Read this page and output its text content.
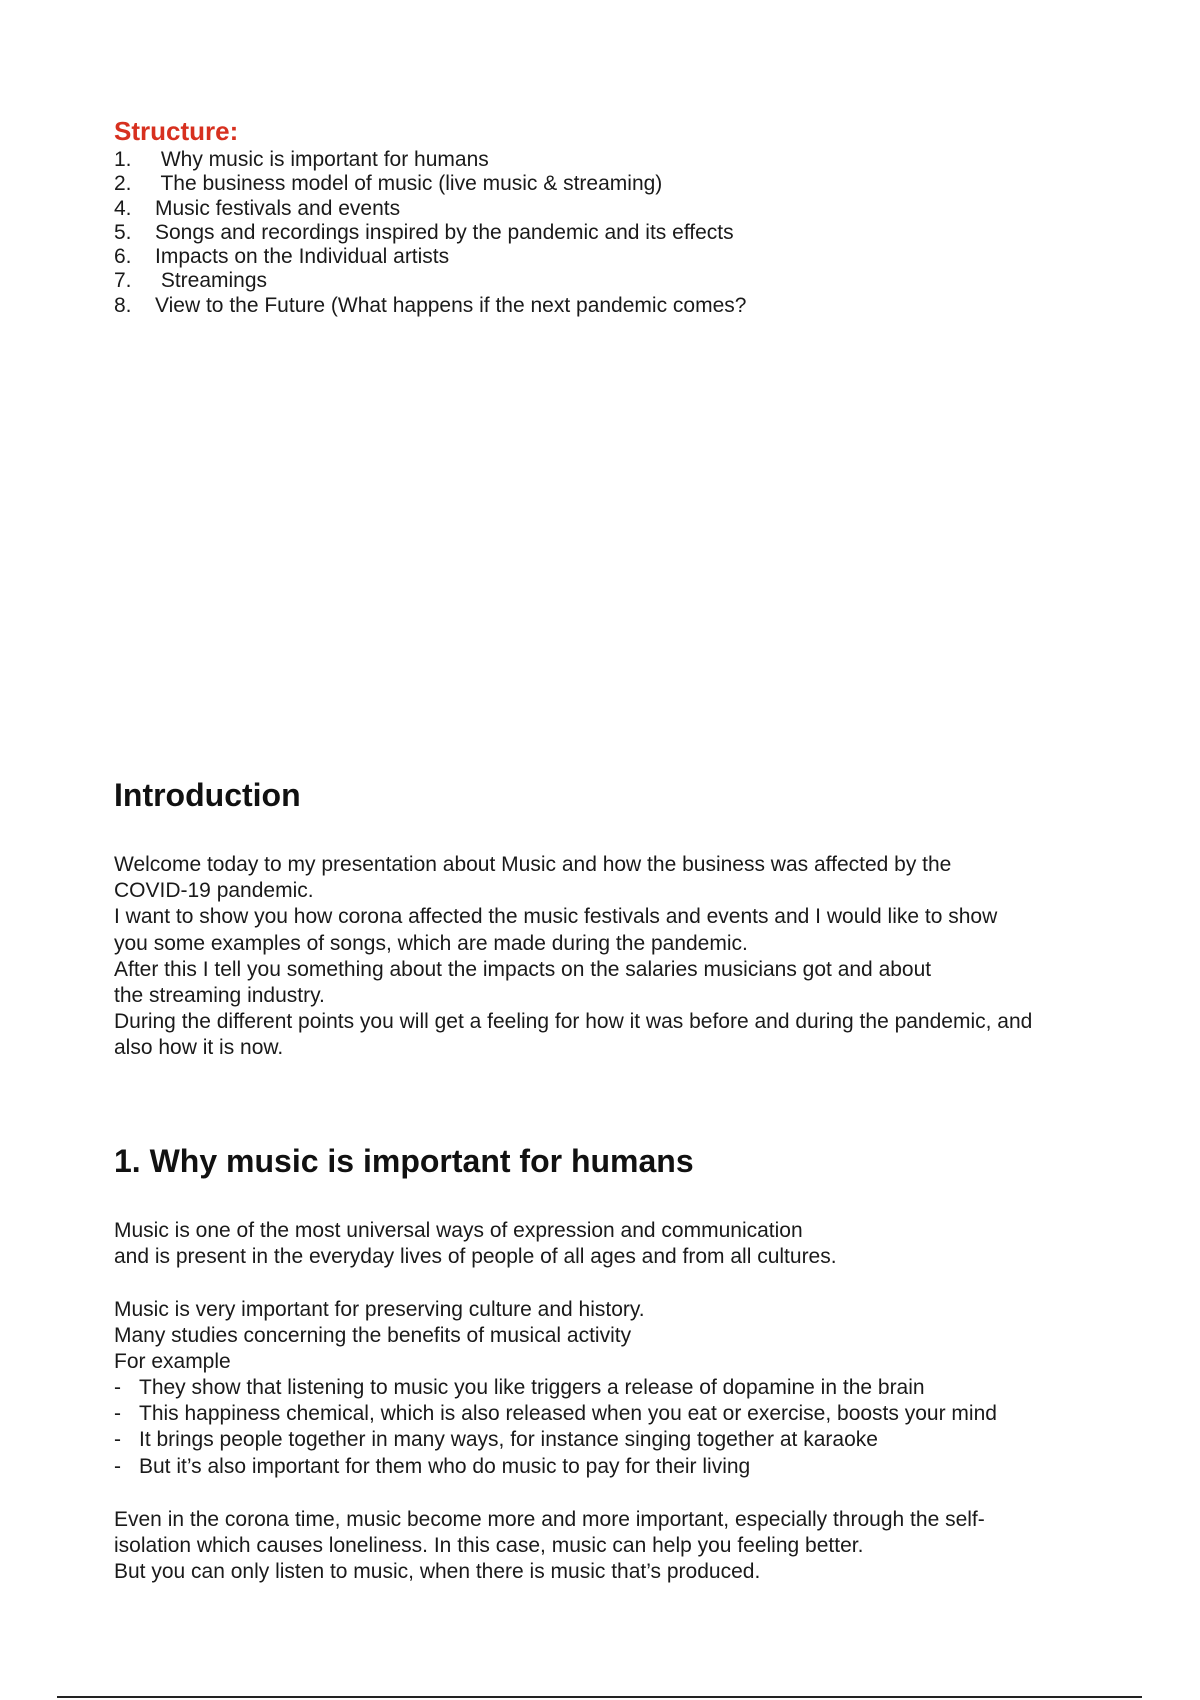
Structure:
1.	Why music is important for humans
2.	The business model of music (live music & streaming)
4.	Music festivals and events
5.	Songs and recordings inspired by the pandemic and its effects
6.	Impacts on the Individual artists
7.	Streamings
8.	View to the Future (What happens if the next pandemic comes?
Introduction

Welcome today to my presentation about Music and how the business was affected by the
COVID-19 pandemic.
I want to show you how corona affected the music festivals and events and I would like to show
you some examples of songs, which are made during the pandemic.
After this I tell you something about the impacts on the salaries musicians got and about
the streaming industry.
During the different points you will get a feeling for how it was before and during the pandemic, and
also how it is now.

1. Why music is important for humans

Music is one of the most universal ways of expression and communication
and is present in the everyday lives of people of all ages and from all cultures.

Music is very important for preserving culture and history.
Many studies concerning the benefits of musical activity
For example

- They show that listening to music you like triggers a release of dopamine in the brain
- This happiness chemical, which is also released when you eat or exercise, boosts your mind
- It brings people together in many ways, for instance singing together at karaoke
- But it’s also important for them who do music to pay for their living

Even in the corona time, music become more and more important, especially through the self-
isolation which causes loneliness. In this case, music can help you feeling better.
But you can only listen to music, when there is music that’s produced.
